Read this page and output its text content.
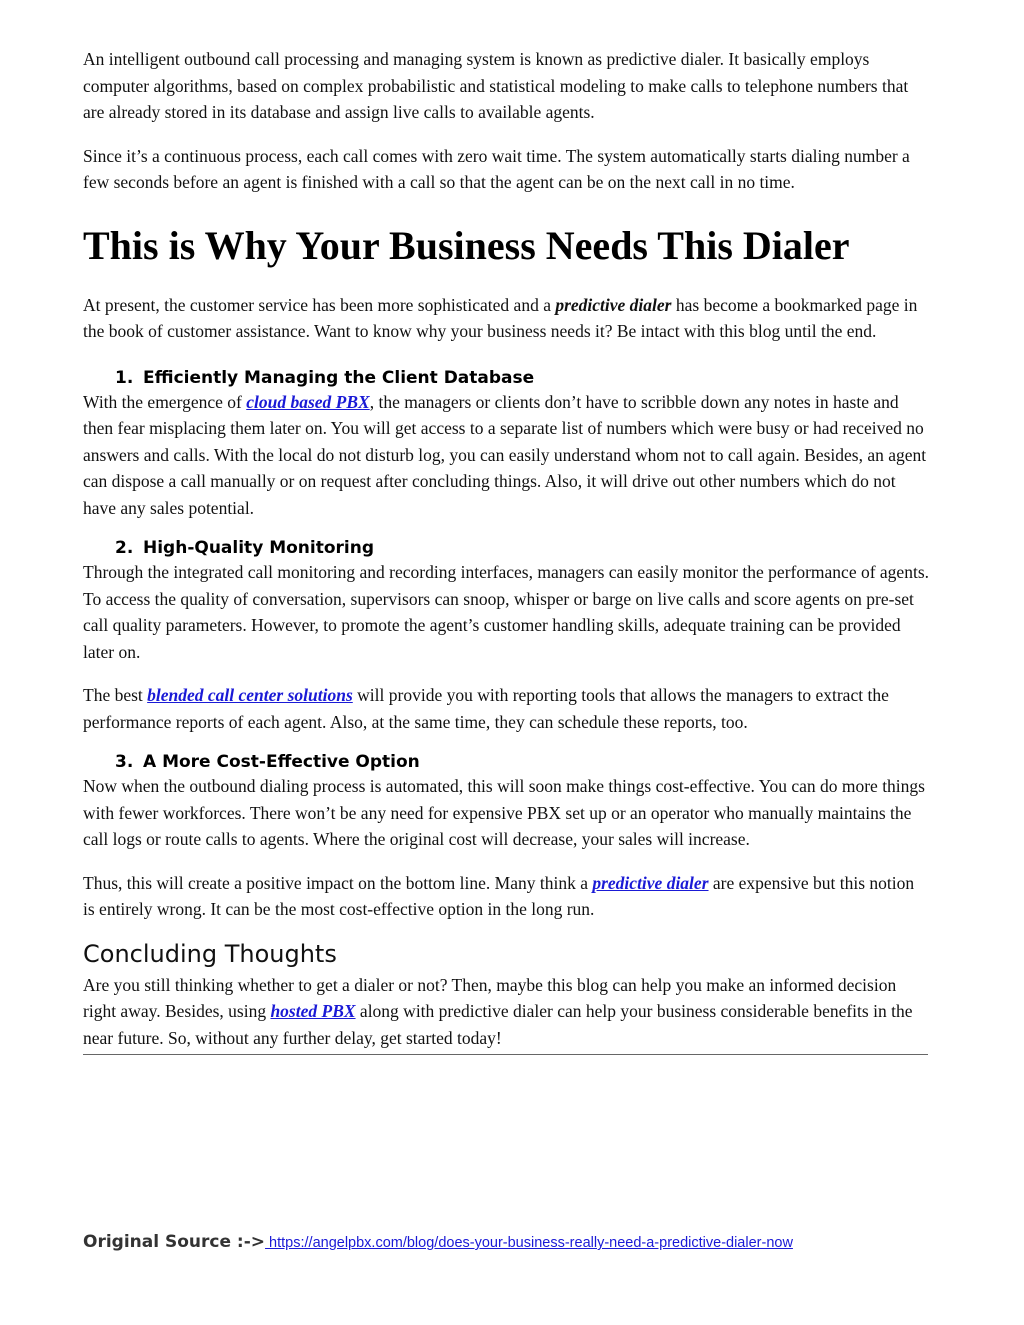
An intelligent outbound call processing and managing system is known as predictive dialer. It basically employs computer algorithms, based on complex probabilistic and statistical modeling to make calls to telephone numbers that are already stored in its database and assign live calls to available agents.

Since it’s a continuous process, each call comes with zero wait time. The system automatically starts dialing number a few seconds before an agent is finished with a call so that the agent can be on the next call in no time.

This is Why Your Business Needs This Dialer

At present, the customer service has been more sophisticated and a predictive dialer has become a bookmarked page in the book of customer assistance. Want to know why your business needs it? Be intact with this blog until the end.

1. Efficiently Managing the Client Database

With the emergence of cloud based PBX, the managers or clients don’t have to scribble down any notes in haste and then fear misplacing them later on. You will get access to a separate list of numbers which were busy or had received no answers and calls. With the local do not disturb log, you can easily understand whom not to call again. Besides, an agent can dispose a call manually or on request after concluding things. Also, it will drive out other numbers which do not have any sales potential.

2. High-Quality Monitoring

Through the integrated call monitoring and recording interfaces, managers can easily monitor the performance of agents. To access the quality of conversation, supervisors can snoop, whisper or barge on live calls and score agents on pre-set call quality parameters. However, to promote the agent’s customer handling skills, adequate training can be provided later on.

The best blended call center solutions will provide you with reporting tools that allows the managers to extract the performance reports of each agent. Also, at the same time, they can schedule these reports, too.

3. A More Cost-Effective Option

Now when the outbound dialing process is automated, this will soon make things cost-effective. You can do more things with fewer workforces. There won’t be any need for expensive PBX set up or an operator who manually maintains the call logs or route calls to agents. Where the original cost will decrease, your sales will increase.

Thus, this will create a positive impact on the bottom line. Many think a predictive dialer are expensive but this notion is entirely wrong. It can be the most cost-effective option in the long run.

Concluding Thoughts

Are you still thinking whether to get a dialer or not? Then, maybe this blog can help you make an informed decision right away. Besides, using hosted PBX along with predictive dialer can help your business considerable benefits in the near future. So, without any further delay, get started today!

Original Source :-> https://angelpbx.com/blog/does-your-business-really-need-a-predictive-dialer-now
